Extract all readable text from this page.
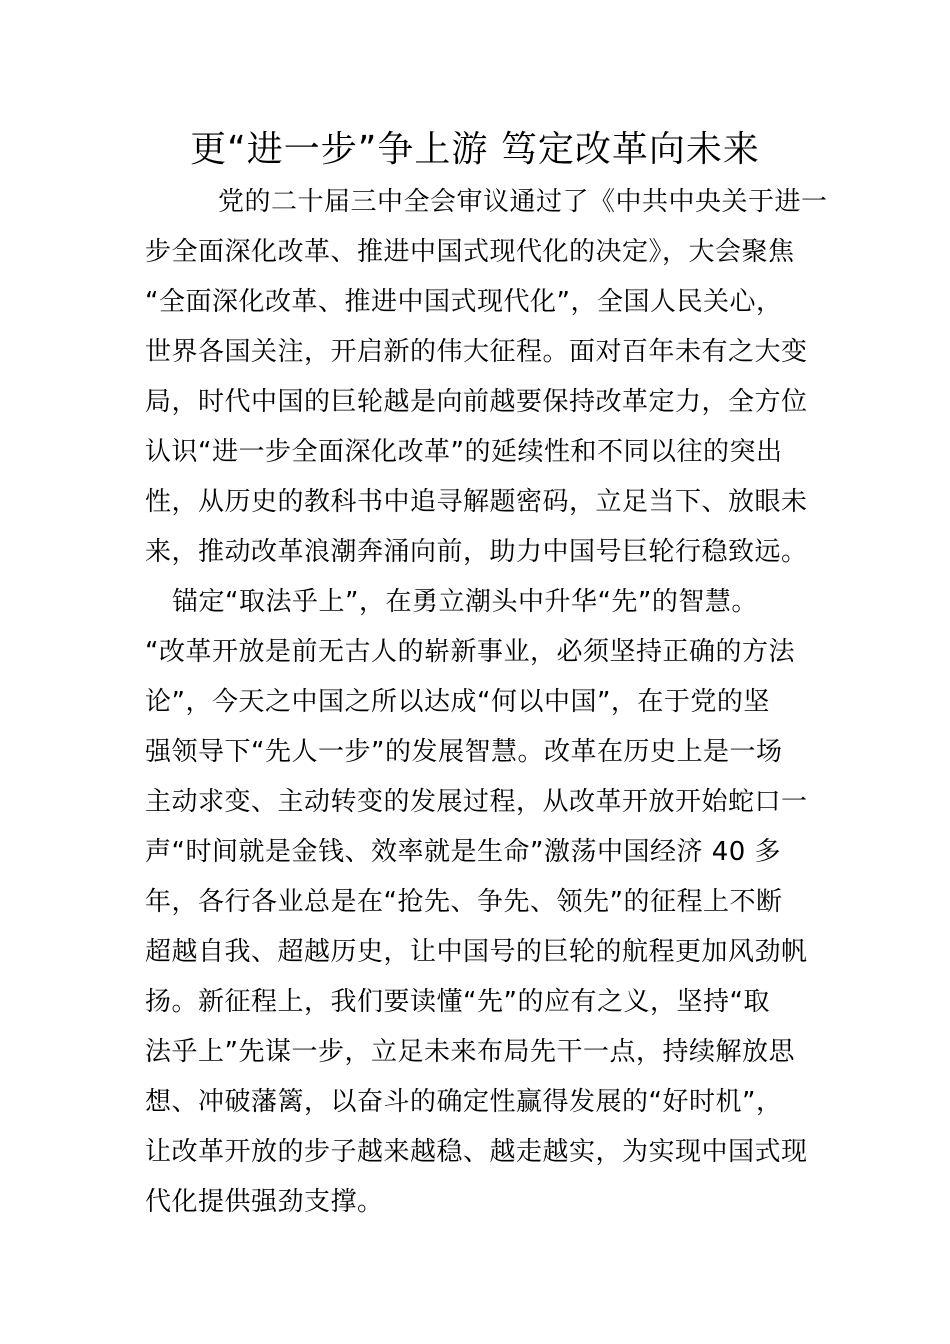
更“进一步”争上游 笃定改革向未来
党的二十届三中全会审议通过了《中共中央关于进一
步全面深化改革、推进中国式现代化的决定》，大会聚焦
“全面深化改革、推进中国式现代化”，全国人民关心，
世界各国关注，开启新的伟大征程。面对百年未有之大变
局，时代中国的巨轮越是向前越要保持改革定力，全方位
认识“进一步全面深化改革”的延续性和不同以往的突出
性，从历史的教科书中追寻解题密码，立足当下、放眼未
来，推动改革浪潮奔涌向前，助力中国号巨轮行稳致远。
锚定“取法乎上”，在勇立潮头中升华“先”的智慧。
“改革开放是前无古人的崭新事业，必须坚持正确的方法
论”，今天之中国之所以达成“何以中国”，在于党的坚
强领导下“先人一步”的发展智慧。改革在历史上是一场
主动求变、主动转变的发展过程，从改革开放开始蛇口一
声“时间就是金钱、效率就是生命”激荡中国经济 40 多
年，各行各业总是在“抢先、争先、领先”的征程上不断
超越自我、超越历史，让中国号的巨轮的航程更加风劲帆
扬。新征程上，我们要读懂“先”的应有之义，坚持“取
法乎上”先谋一步，立足未来布局先干一点，持续解放思
想、冲破藩篱，以奋斗的确定性赢得发展的“好时机”，
让改革开放的步子越来越稳、越走越实，为实现中国式现
代化提供强劲支撑。
